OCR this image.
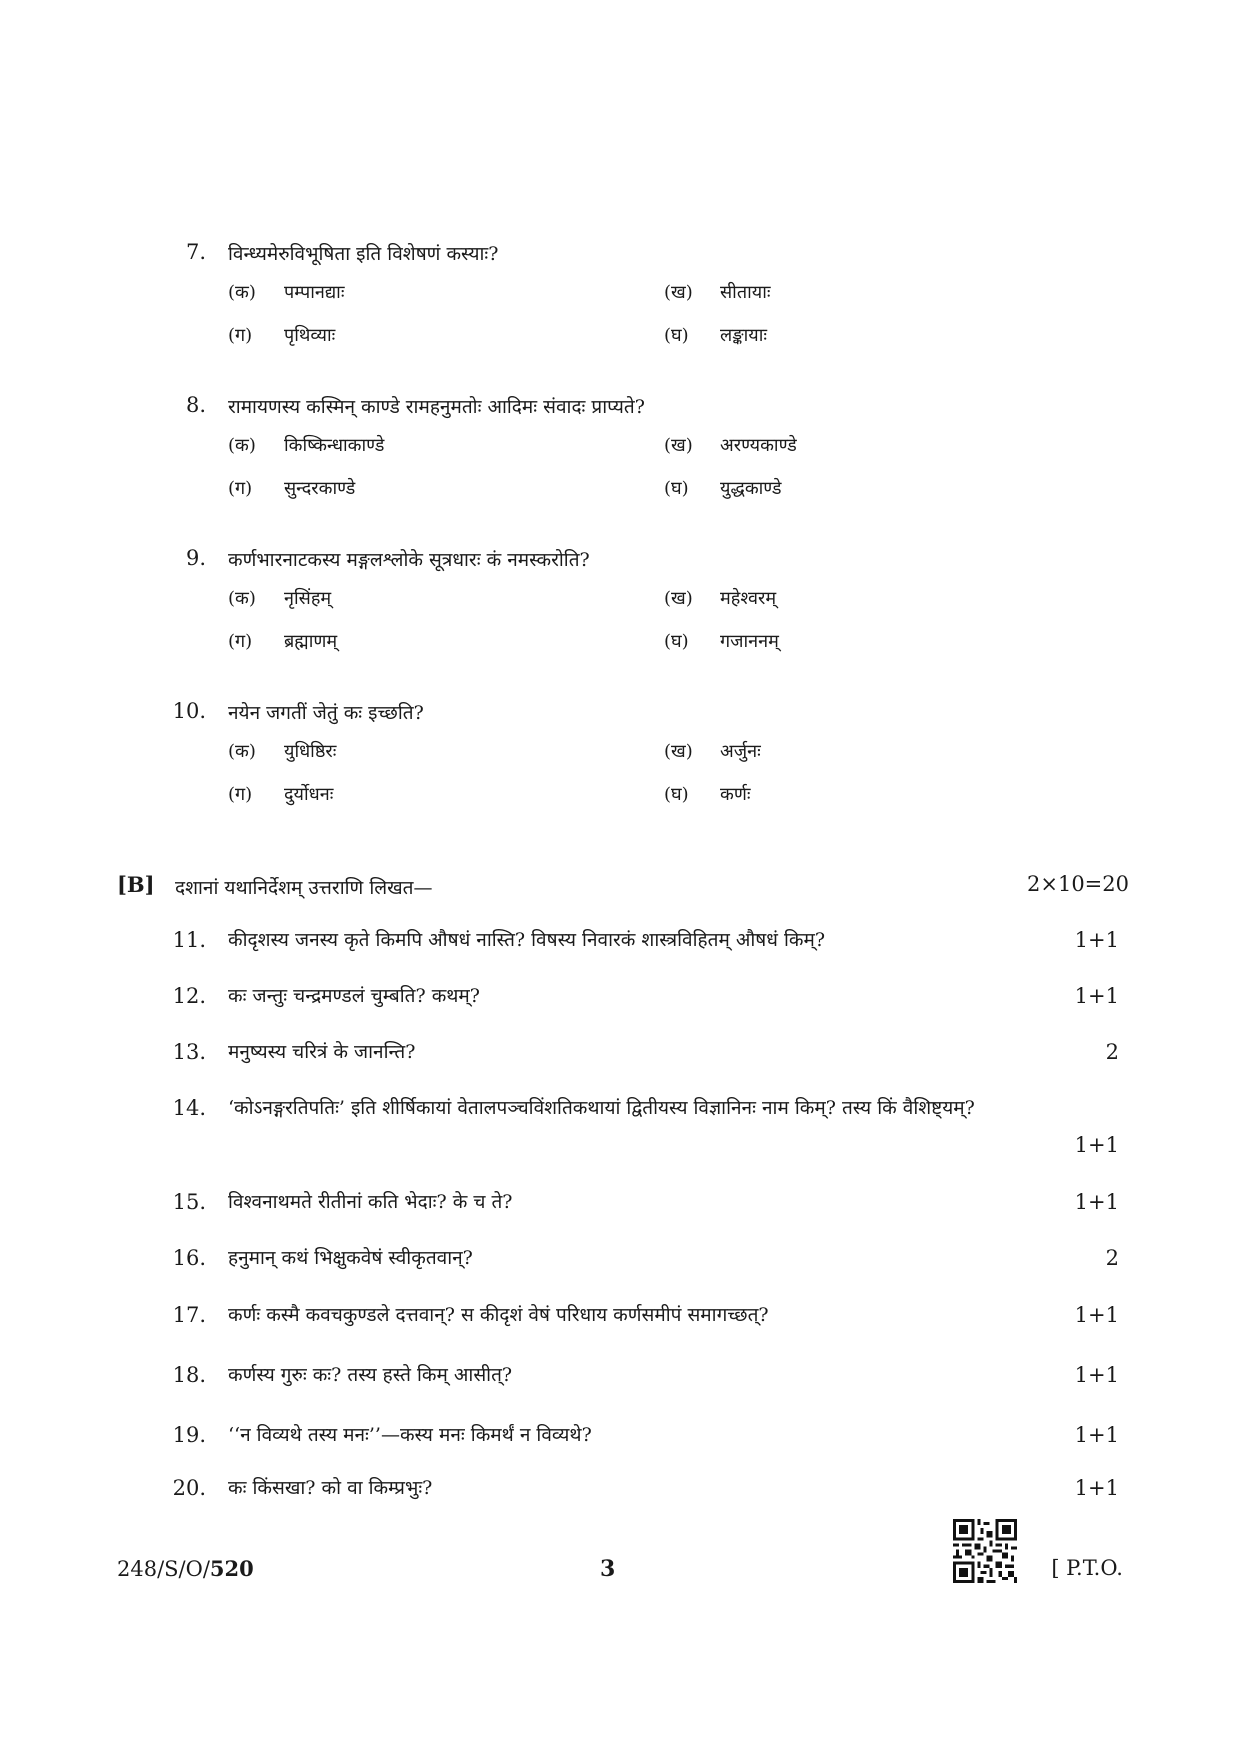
7. विन्ध्यमेरुविभूषिता इति विशेषणं कस्याः?
(क) पम्पानद्याः	(ख) सीतायाः
(ग) पृथिव्याः	(घ) लङ्कायाः
8. रामायणस्य कस्मिन् काण्डे रामहनुमतोः आदिमः संवादः प्राप्यते?
(क) किष्किन्धाकाण्डे	(ख) अरण्यकाण्डे
(ग) सुन्दरकाण्डे	(घ) युद्धकाण्डे
9. कर्णभारनाटकस्य मङ्गलश्लोके सूत्रधारः कं नमस्करोति?
(क) नृसिंहम्	(ख) महेश्वरम्
(ग) ब्रह्माणम्	(घ) गजाननम्
10. नयेन जगतीं जेतुं कः इच्छति?
(क) युधिष्ठिरः	(ख) अर्जुनः
(ग) दुर्योधनः	(घ) कर्णः
[B] दशानां यथानिर्देशम् उत्तराणि लिखत—	2×10=20
11. कीदृशस्य जनस्य कृते किमपि औषधं नास्ति? विषस्य निवारकं शास्त्रविहितम् औषधं किम्?	1+1
12. कः जन्तुः चन्द्रमण्डलं चुम्बति? कथम्?	1+1
13. मनुष्यस्य चरित्रं के जानन्ति?	2
14. ‘कोऽनङ्गरतिपतिः’ इति शीर्षिकायां वेतालपञ्चविंशतिकथायां द्वितीयस्य विज्ञानिनः नाम किम्? तस्य किं वैशिष्ट्यम्?
1+1
15. विश्वनाथमते रीतीनां कति भेदाः? के च ते?	1+1
16. हनुमान् कथं भिक्षुकवेषं स्वीकृतवान्?	2
17. कर्णः कस्मै कवचकुण्डले दत्तवान्? स कीदृशं वेषं परिधाय कर्णसमीपं समागच्छत्?	1+1
18. कर्णस्य गुरुः कः? तस्य हस्ते किम् आसीत्?	1+1
19. ‘‘न विव्यथे तस्य मनः’’—कस्य मनः किमर्थं न विव्यथे?	1+1
20. कः किंसखा? को वा किम्प्रभुः?	1+1
248/S/O/520	3	[ P.T.O.
